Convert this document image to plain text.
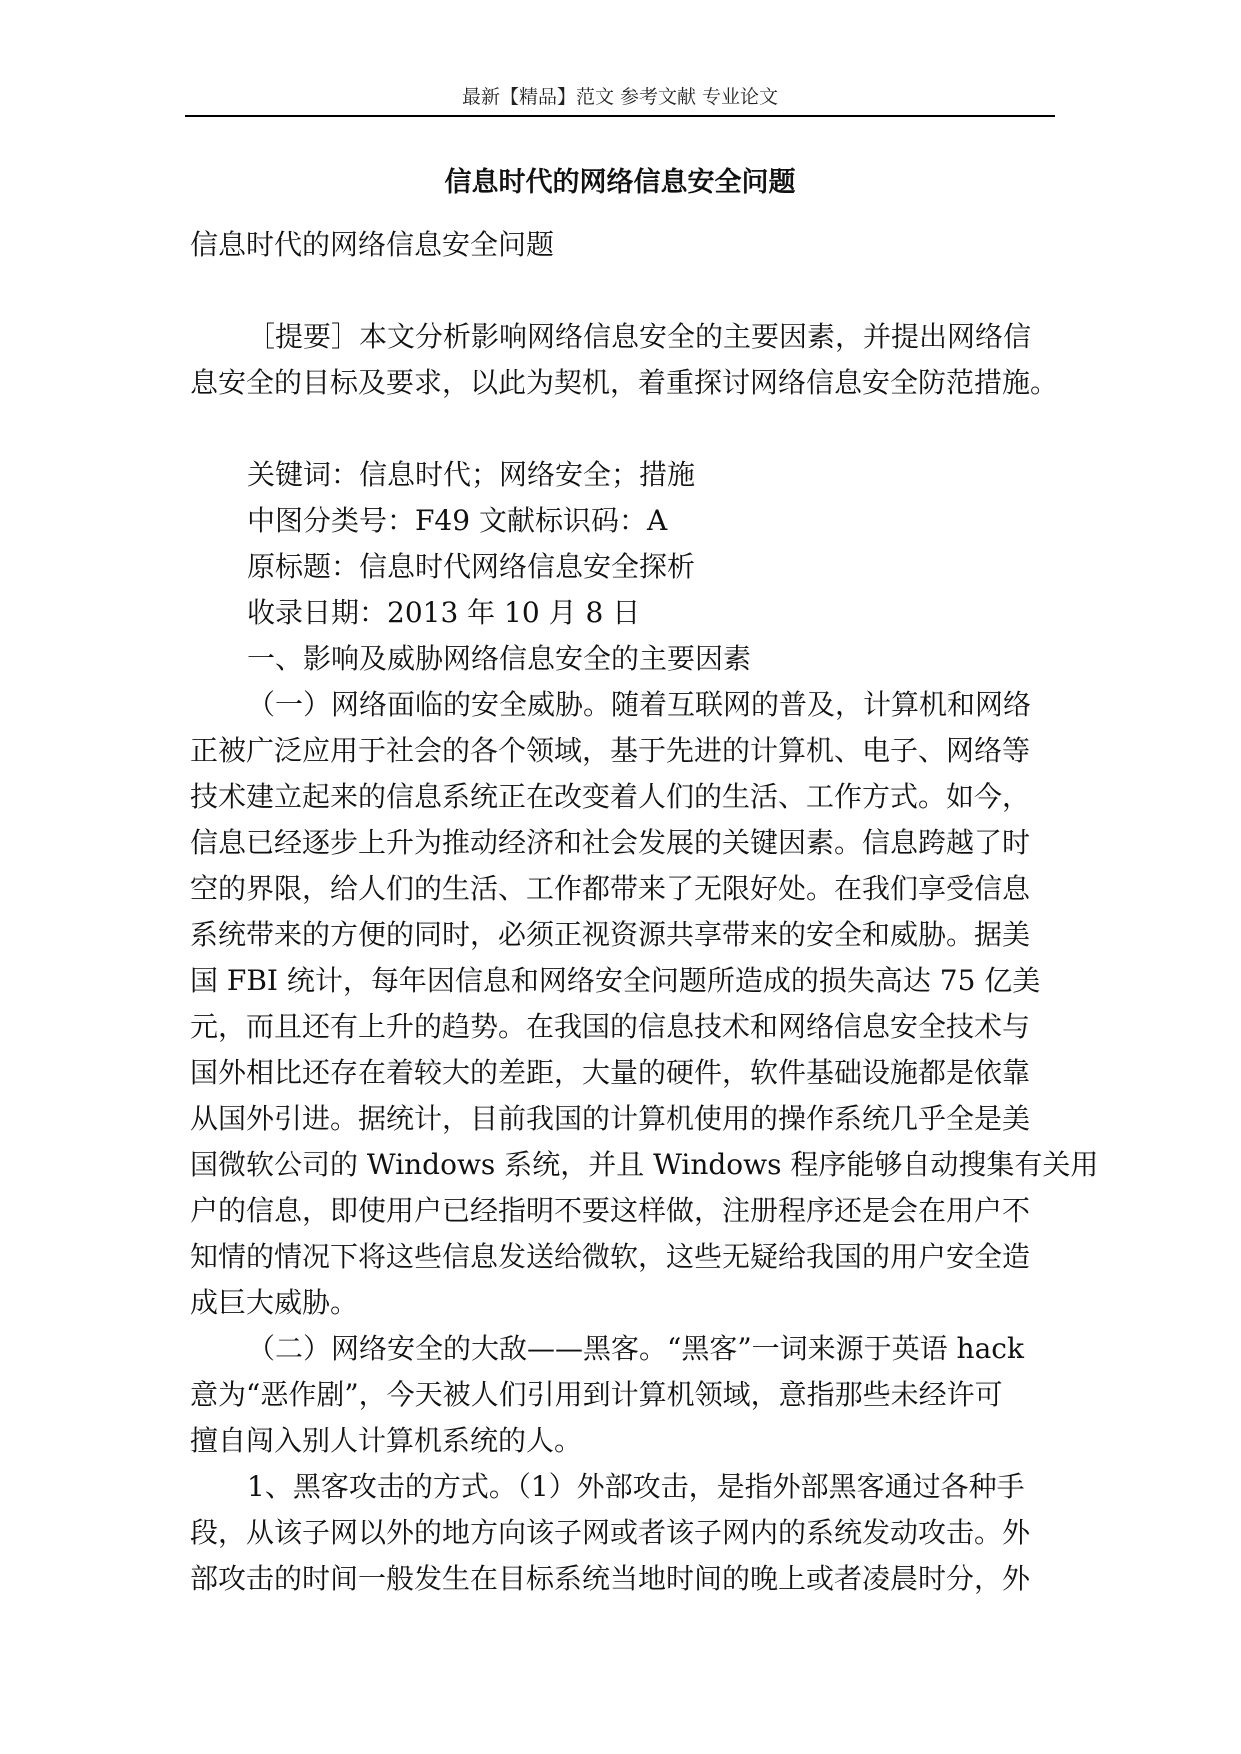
最新【精品】范文 参考文献 专业论文
信息时代的网络信息安全问题

信息时代的网络信息安全问题

［提要］本文分析影响网络信息安全的主要因素，并提出网络信

息安全的目标及要求，以此为契机，着重探讨网络信息安全防范措施。

关键词：信息时代；网络安全；措施

中图分类号：F49 文献标识码：A

原标题：信息时代网络信息安全探析

收录日期：2013 年 10 月 8 日

一、影响及威胁网络信息安全的主要因素

（一）网络面临的安全威胁。随着互联网的普及，计算机和网络

正被广泛应用于社会的各个领域，基于先进的计算机、电子、网络等

技术建立起来的信息系统正在改变着人们的生活、工作方式。如今，

信息已经逐步上升为推动经济和社会发展的关键因素。信息跨越了时

空的界限，给人们的生活、工作都带来了无限好处。在我们享受信息

系统带来的方便的同时，必须正视资源共享带来的安全和威胁。据美

国 FBI 统计，每年因信息和网络安全问题所造成的损失高达 75 亿美

元，而且还有上升的趋势。在我国的信息技术和网络信息安全技术与

国外相比还存在着较大的差距，大量的硬件，软件基础设施都是依靠

从国外引进。据统计，目前我国的计算机使用的操作系统几乎全是美

国微软公司的 Windows 系统，并且 Windows 程序能够自动搜集有关用

户的信息，即使用户已经指明不要这样做，注册程序还是会在用户不

知情的情况下将这些信息发送给微软，这些无疑给我国的用户安全造

成巨大威胁。

（二）网络安全的大敌——黑客。“黑客”一词来源于英语 hack

意为“恶作剧”，今天被人们引用到计算机领域，意指那些未经许可

擅自闯入别人计算机系统的人。

1、黑客攻击的方式。（1）外部攻击，是指外部黑客通过各种手

段，从该子网以外的地方向该子网或者该子网内的系统发动攻击。外

部攻击的时间一般发生在目标系统当地时间的晚上或者凌晨时分，外
